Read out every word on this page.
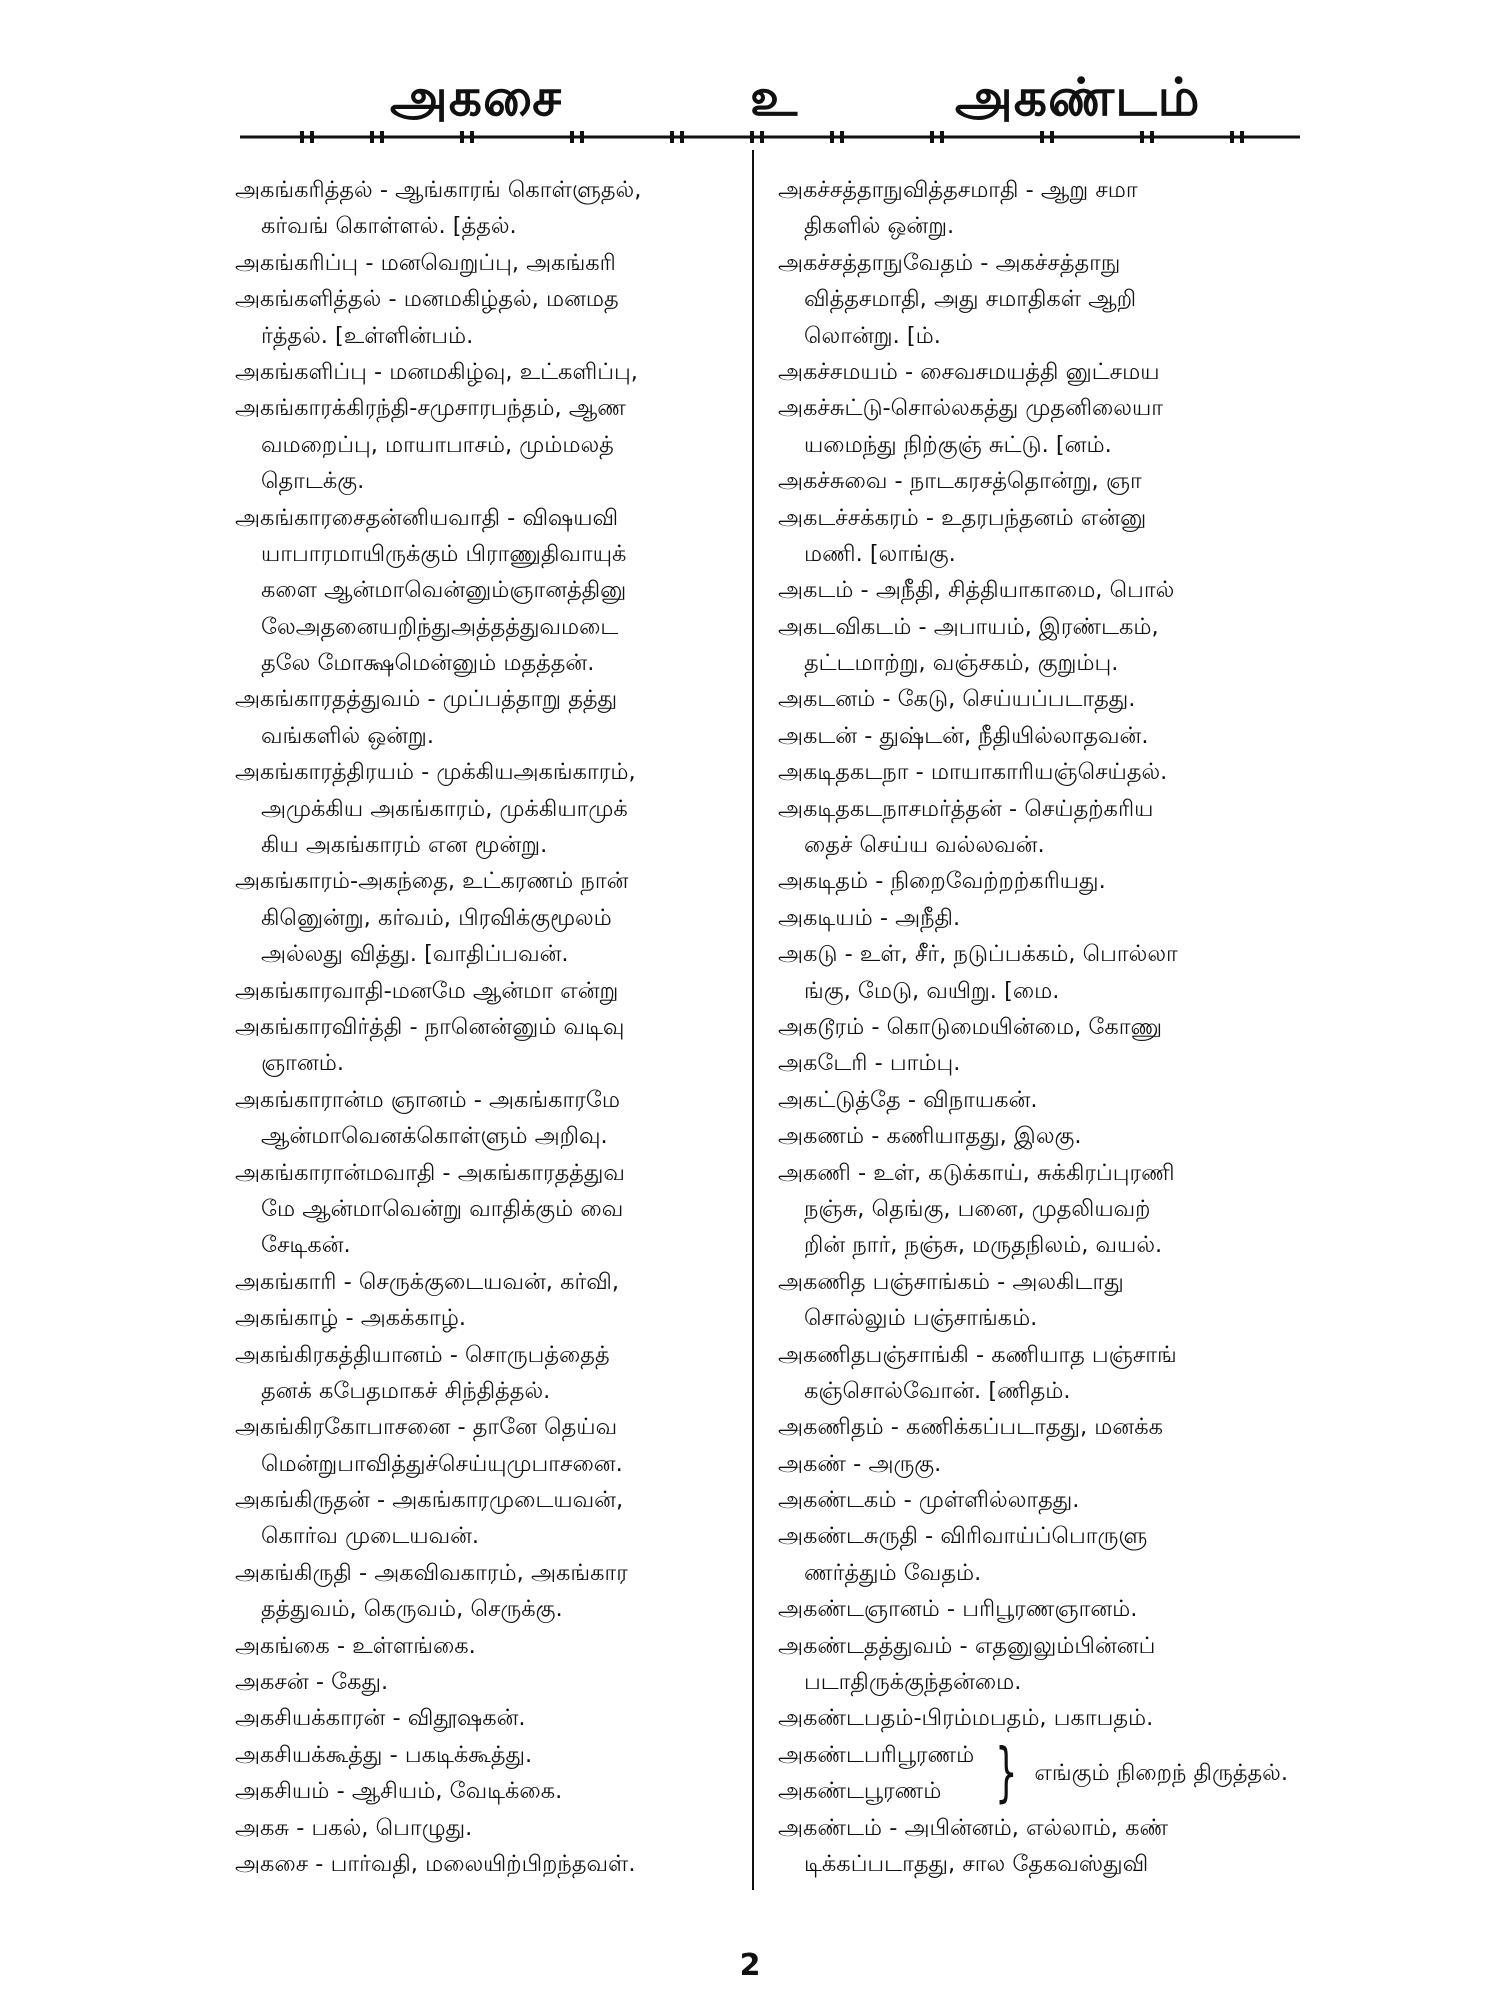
அகசை	உ	அகண்டம்
அகங்கரித்தல் - ஆங்காரங் கொள்ளுதல்,
கர்வங் கொள்ளல். [த்தல்.
அகங்கரிப்பு - மனவெறுப்பு, அகங்கரி
அகங்களித்தல் - மனமகிழ்தல், மனமத
ர்த்தல். [உள்ளின்பம்.
அகங்களிப்பு - மனமகிழ்வு, உட்களிப்பு,
அகங்காரக்கிரந்தி-சமுசாரபந்தம், ஆண
வமறைப்பு, மாயாபாசம், மும்மலத்
தொடக்கு.
அகங்காரசைதன்னியவாதி - விஷயவி
யாபாரமாயிருக்கும் பிராணுதிவாயுக்
களை ஆன்மாவென்னும்ஞானத்தினு
லேஅதனையறிந்துஅத்தத்துவமடை
தலே மோக்ஷமென்னும் மதத்தன்.
அகங்காரதத்துவம் - முப்பத்தாறு தத்து
வங்களில் ஒன்று.
அகங்காரத்திரயம் - முக்கியஅகங்காரம்,
அமுக்கிய அகங்காரம், முக்கியாமுக்
கிய அகங்காரம் என மூன்று.
அகங்காரம்-அகந்தை, உட்கரணம் நான்
கினுென்று, கர்வம், பிரவிக்குமூலம்
அல்லது வித்து. [வாதிப்பவன்.
அகங்காரவாதி-மனமே ஆன்மா என்று
அகங்காரவிர்த்தி - நானென்னும் வடிவு
ஞானம்.
அகங்காரான்ம ஞானம் - அகங்காரமே
ஆன்மாவெனக்கொள்ளும் அறிவு.
அகங்காரான்மவாதி - அகங்காரதத்துவ
மே ஆன்மாவென்று வாதிக்கும் வை
சேடிகன்.
அகங்காரி - செருக்குடையவன், கர்வி,
அகங்காழ் - அகக்காழ்.
அகங்கிரகத்தியானம் - சொருபத்தைத்
தனக் கபேதமாகச் சிந்தித்தல்.
அகங்கிரகோபாசனை - தானே தெய்வ
மென்றுபாவித்துச்செய்யுமுபாசனை.
அகங்கிருதன் - அகங்காரமுடையவன்,
கொர்வ முடையவன்.
அகங்கிருதி - அகவிவகாரம், அகங்கார
தத்துவம், கெருவம், செருக்கு.
அகங்கை - உள்ளங்கை.
அகசன் - கேது.
அகசியக்காரன் - விதூஷகன்.
அகசியக்கூத்து - பகடிக்கூத்து.
அகசியம் - ஆசியம், வேடிக்கை.
அகசு - பகல், பொழுது.
அகசை - பார்வதி, மலையிற்பிறந்தவள்.
அகச்சத்தாநுவித்தசமாதி - ஆறு சமா
திகளில் ஒன்று.
அகச்சத்தாநுவேதம் - அகச்சத்தாநு
வித்தசமாதி, அது சமாதிகள் ஆறி
லொன்று. [ம்.
அகச்சமயம் - சைவசமயத்தி னுட்சமய
அகச்சுட்டு-சொல்லகத்து முதனிலையா
யமைந்து நிற்குஞ் சுட்டு. [னம்.
அகச்சுவை - நாடகரசத்தொன்று, ஞா
அகடச்சக்கரம் - உதரபந்தனம் என்னு
மணி. [லாங்கு.
அகடம் - அநீதி, சித்தியாகாமை, பொல்
அகடவிகடம் - அபாயம், இரண்டகம்,
தட்டமாற்று, வஞ்சகம், குறும்பு.
அகடனம் - கேடு, செய்யப்படாதது.
அகடன் - துஷ்டன், நீதியில்லாதவன்.
அகடிதகடநா - மாயாகாரியஞ்செய்தல்.
அகடிதகடநாசமர்த்தன் - செய்தற்கரிய
தைச் செய்ய வல்லவன்.
அகடிதம் - நிறைவேற்றற்கரியது.
அகடியம் - அநீதி.
அகடு - உள், சீர், நடுப்பக்கம், பொல்லா
ங்கு, மேடு, வயிறு. [மை.
அகடூரம் - கொடுமையின்மை, கோணு
அகடேரி - பாம்பு.
அகட்டுத்தே - விநாயகன்.
அகணம் - கணியாதது, இலகு.
அகணி - உள், கடுக்காய், சுக்கிரப்புரணி
நஞ்சு, தெங்கு, பனை, முதலியவற்
றின் நார், நஞ்சு, மருதநிலம், வயல்.
அகணித பஞ்சாங்கம் - அலகிடாது
சொல்லும் பஞ்சாங்கம்.
அகணிதபஞ்சாங்கி - கணியாத பஞ்சாங்
கஞ்சொல்வோன். [ணிதம்.
அகணிதம் - கணிக்கப்படாதது, மனக்க
அகண் - அருகு.
அகண்டகம் - முள்ளில்லாதது.
அகண்டசுருதி - விரிவாய்ப்பொருளு
ணர்த்தும் வேதம்.
அகண்டஞானம் - பரிபூரணஞானம்.
அகண்டதத்துவம் - எதனுலும்பின்னப்
படாதிருக்குந்தன்மை.
அகண்டபதம்-பிரம்மபதம், பகாபதம்.
அகண்டபரிபூரணம்
அகண்டபூரணம் } எங்கும் நிறைந் திருத்தல்.
அகண்டம் - அபின்னம், எல்லாம், கண்
டிக்கப்படாதது, சால தேகவஸ்துவி
2
